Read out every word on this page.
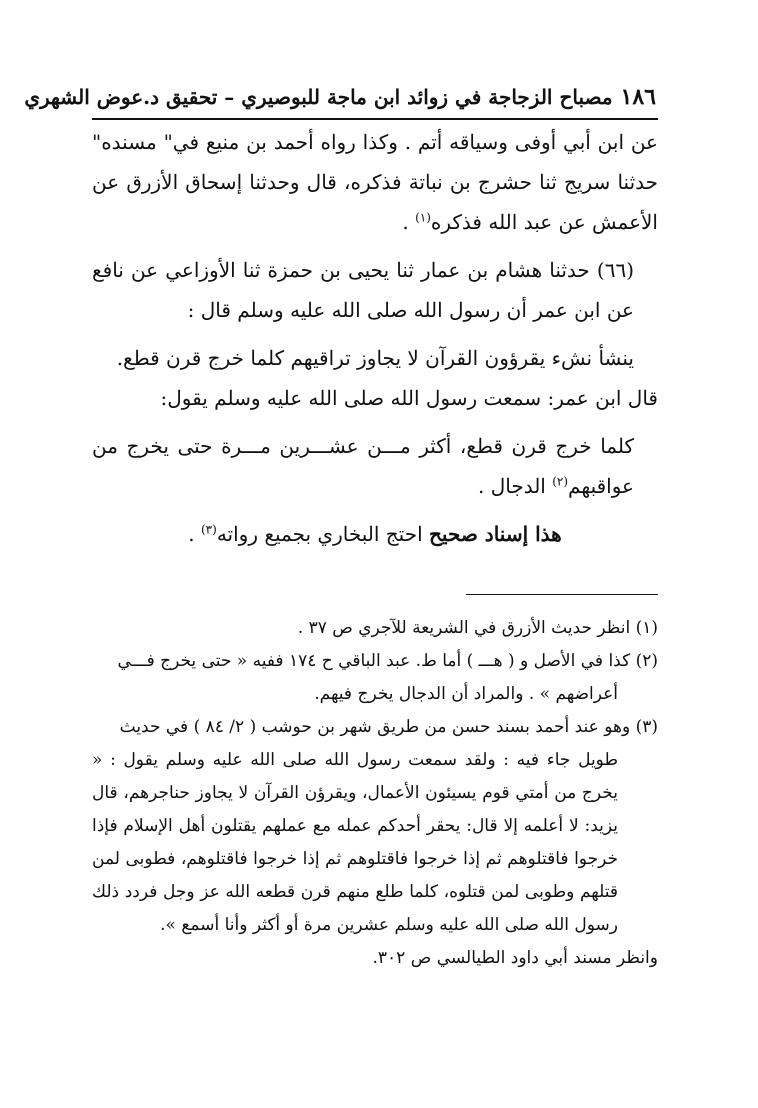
١٨٦مصباح الزجاجة في زوائد ابن ماجة للبوصيري – تحقيق د.عوض الشهري

عن ابن أبي أوفى وسياقه أتم . وكذا رواه أحمد بن منيع في" مسنده" حدثنا سريج ثنا حشرج بن نباتة فذكره، قال وحدثنا إسحاق الأزرق عن الأعمش عن عبد الله فذكره$^{(١)}$ .

(٦٦) حدثنا هشام بن عمار ثنا يحيى بن حمزة ثنا الأوزاعي عن نافع عن ابن عمر أن رسول الله صلى الله عليه وسلم قال :

ينشأ نشء يقرؤون القرآن لا يجاوز تراقيهم كلما خرج قرن قطع.

قال ابن عمر: سمعت رسول الله صلى الله عليه وسلم يقول:

كلما خرج قرن قطع، أكثر مـــن عشـــرين مـــرة حتى يخرج من عواقبهم$^{(٢)}$ الدجال .

هذا إسناد صحيح احتج البخاري بجميع رواته$^{(٣)}$ .

(١) انظر حديث الأزرق في الشريعة للآجري ص ٣٧ .

(٢) كذا في الأصل و ( هـــ ) أما ط. عبد الباقي ح ١٧٤ ففيه « حتى يخرج فـــي

أعراضهم » . والمراد أن الدجال يخرج فيهم.

(٣) وهو عند أحمد بسند حسن من طريق شهر بن حوشب ( ٢/ ٨٤ ) في حديث

طويل جاء فيه : ولقد سمعت رسول الله صلى الله عليه وسلم يقول : « يخرج من أمتي قوم يسيئون الأعمال، ويقرؤن القرآن لا يجاوز حناجرهم، قال يزيد: لا أعلمه إلا قال: يحقر أحدكم عمله مع عملهم يقتلون أهل الإسلام فإذا خرجوا فاقتلوهم ثم إذا خرجوا فاقتلوهم ثم إذا خرجوا فاقتلوهم، فطوبى لمن قتلهم وطوبى لمن قتلوه، كلما طلع منهم قرن قطعه الله عز وجل فردد ذلك رسول الله صلى الله عليه وسلم عشرين مرة أو أكثر وأنا أسمع ».

وانظر مسند أبي داود الطيالسي ص ٣٠٢.
